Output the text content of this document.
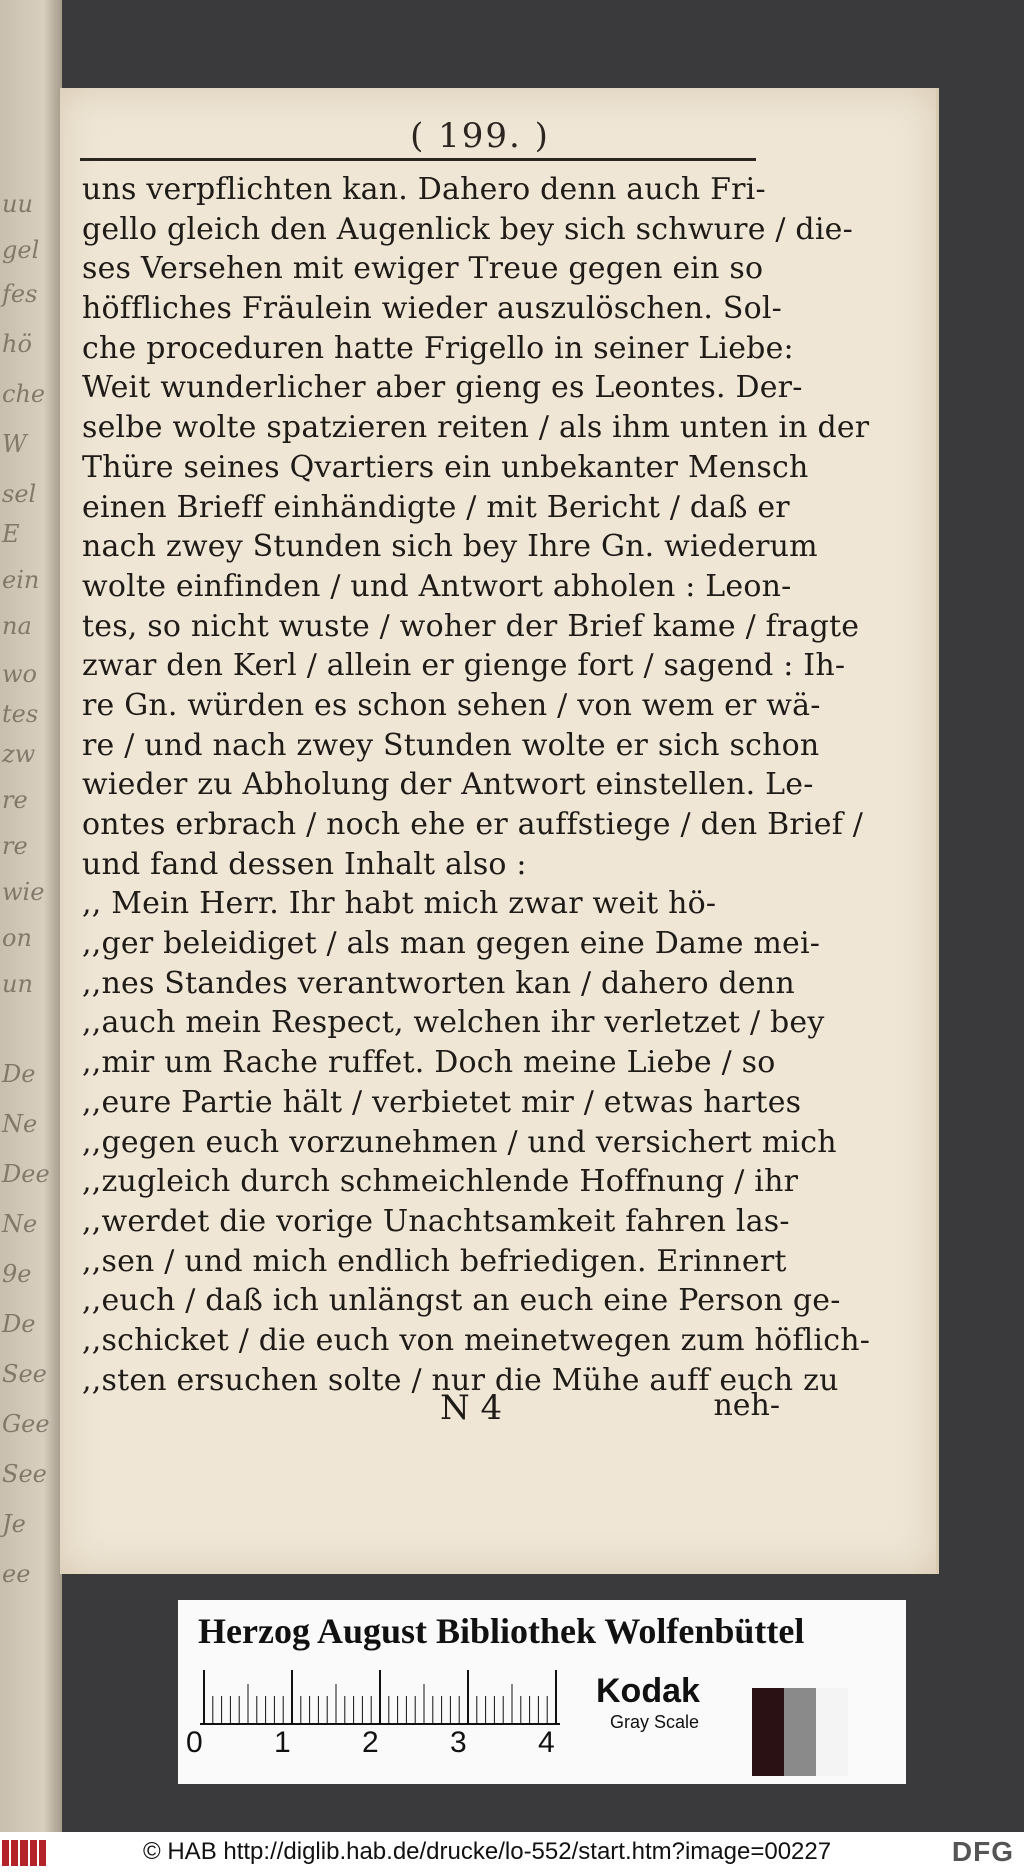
uu
gel
fes
hö
che
W
sel
E
ein
na
wo
tes
zw
re
re
wie
on
un
De
Ne
Dee
Ne
9e
De
See
Gee
See
Je
ee
( 199. )
uns verpflichten kan. Dahero denn auch Fri-
gello gleich den Augenlick bey sich schwure / die-
ses Versehen mit ewiger Treue gegen ein so
höffliches Fräulein wieder auszulöschen. Sol-
che proceduren hatte Frigello in seiner Liebe:
Weit wunderlicher aber gieng es Leontes. Der-
selbe wolte spatzieren reiten / als ihm unten in der
Thüre seines Qvartiers ein unbekanter Mensch
einen Brieff einhändigte / mit Bericht / daß er
nach zwey Stunden sich bey Ihre Gn. wiederum
wolte einfinden / und Antwort abholen : Leon-
tes, so nicht wuste / woher der Brief kame / fragte
zwar den Kerl / allein er gienge fort / sagend : Ih-
re Gn. würden es schon sehen / von wem er wä-
re / und nach zwey Stunden wolte er sich schon
wieder zu Abholung der Antwort einstellen. Le-
ontes erbrach / noch ehe er auffstiege / den Brief /
und fand dessen Inhalt also :
,, Mein Herr. Ihr habt mich zwar weit hö-
,,ger beleidiget / als man gegen eine Dame mei-
,,nes Standes verantworten kan / dahero denn
,,auch mein Respect, welchen ihr verletzet / bey
,,mir um Rache ruffet. Doch meine Liebe / so
,,eure Partie hält / verbietet mir / etwas hartes
,,gegen euch vorzunehmen / und versichert mich
,,zugleich durch schmeichlende Hoffnung / ihr
,,werdet die vorige Unachtsamkeit fahren las-
,,sen / und mich endlich befriedigen. Erinnert
,,euch / daß ich unlängst an euch eine Person ge-
,,schicket / die euch von meinetwegen zum höflich-
,,sten ersuchen solte / nur die Mühe auff euch zu
N 4	neh-
Herzog August Bibliothek Wolfenbüttel
0 1 2 3 4
Kodak
Gray Scale
© HAB http://diglib.hab.de/drucke/lo-552/start.htm?image=00227	DFG
